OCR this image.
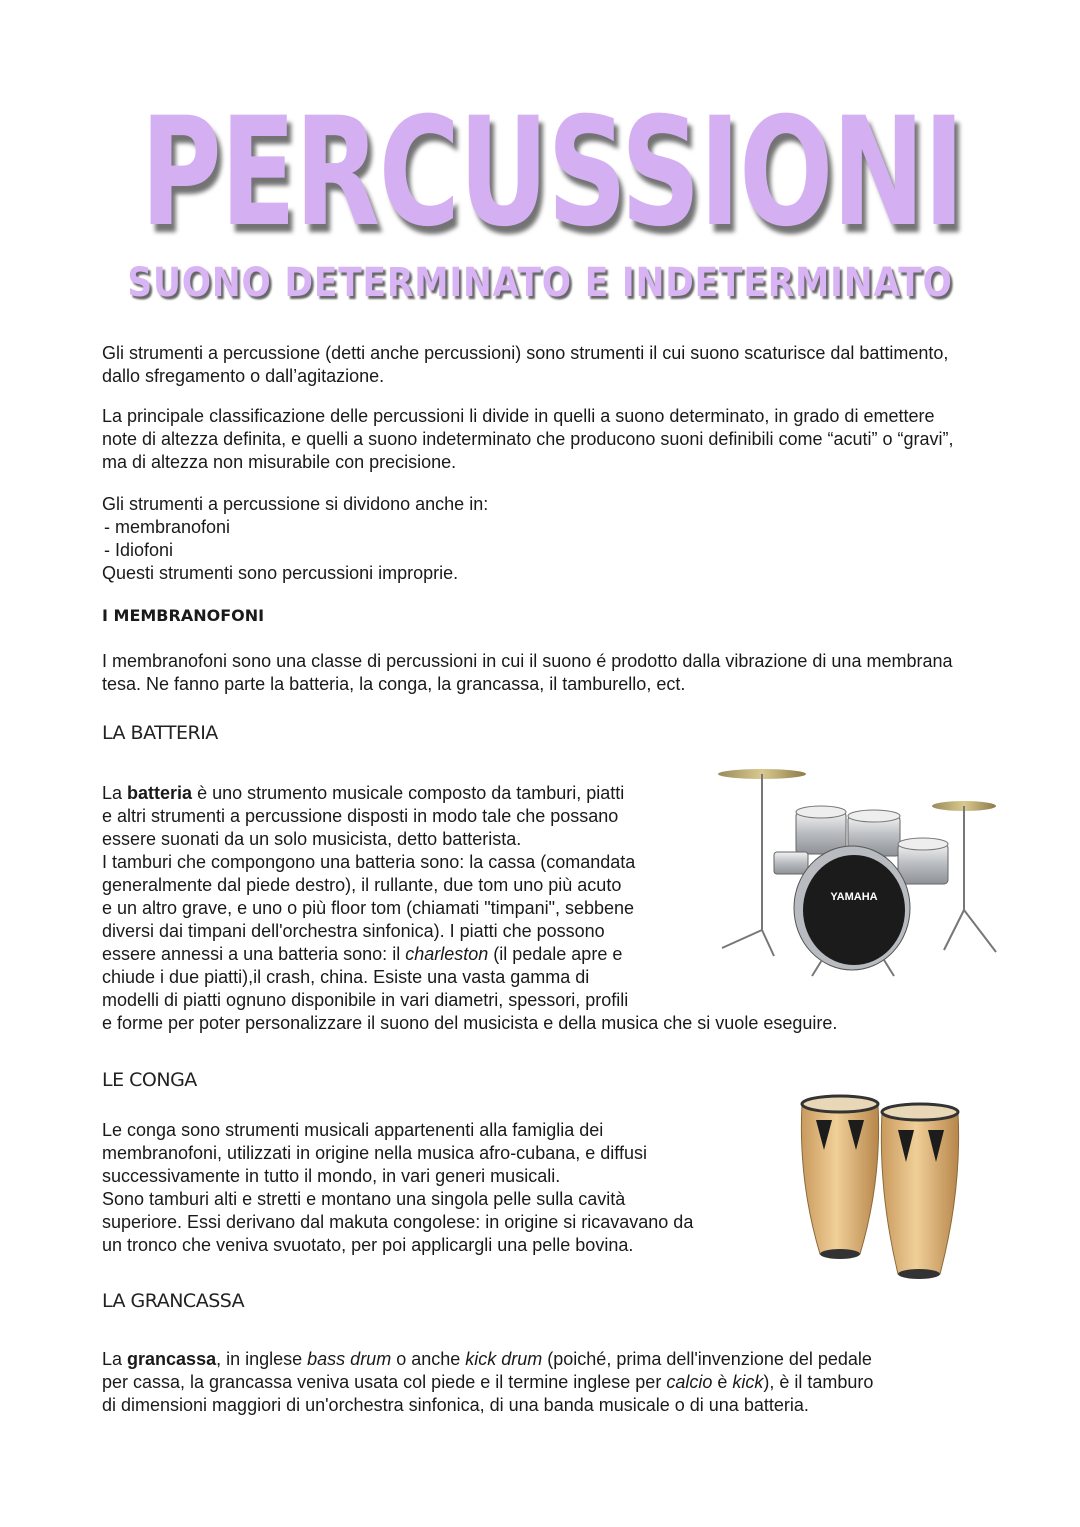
PERCUSSIONI
SUONO DETERMINATO E INDETERMINATO

Gli strumenti a percussione (detti anche percussioni) sono strumenti il cui suono scaturisce dal battimento, dallo sfregamento o dall’agitazione.

La principale classificazione delle percussioni li divide in quelli a suono determinato, in grado di emettere note di altezza definita, e quelli a suono indeterminato che producono suoni definibili come “acuti” o “gravi”, ma di altezza non misurabile con precisione.

Gli strumenti a percussione si dividono anche in:
- membranofoni
- Idiofoni
Questi strumenti sono percussioni improprie.
I MEMBRANOFONI

I membranofoni sono una classe di percussioni in cui il suono é prodotto dalla vibrazione di una membrana tesa. Ne fanno parte la batteria, la conga, la grancassa, il tamburello, ect.

LA BATTERIA
La batteria è uno strumento musicale composto da tamburi, piatti
e altri strumenti a percussione disposti in modo tale che possano
essere suonati da un solo musicista, detto batterista.
I tamburi che compongono una batteria sono: la cassa (comandata
generalmente dal piede destro), il rullante, due tom uno più acuto
e un altro grave, e uno o più floor tom (chiamati "timpani", sebbene
diversi dai timpani dell'orchestra sinfonica). I piatti che possono
essere annessi a una batteria sono: il charleston (il pedale apre e
chiude i due piatti),il crash, china. Esiste una vasta gamma di
modelli di piatti ognuno disponibile in vari diametri, spessori, profili
e forme per poter personalizzare il suono del musicista e della musica che si vuole eseguire.
YAMAHA
LE CONGA
Le conga sono strumenti musicali appartenenti alla famiglia dei
membranofoni, utilizzati in origine nella musica afro-cubana, e diffusi
successivamente in tutto il mondo, in vari generi musicali.
Sono tamburi alti e stretti e montano una singola pelle sulla cavità
superiore. Essi derivano dal makuta congolese: in origine si ricavavano da
un tronco che veniva svuotato, per poi applicargli una pelle bovina.
LA GRANCASSA
La grancassa, in inglese bass drum o anche kick drum (poiché, prima dell'invenzione del pedale
per cassa, la grancassa veniva usata col piede e il termine inglese per calcio è kick), è il tamburo
di dimensioni maggiori di un'orchestra sinfonica, di una banda musicale o di una batteria.
